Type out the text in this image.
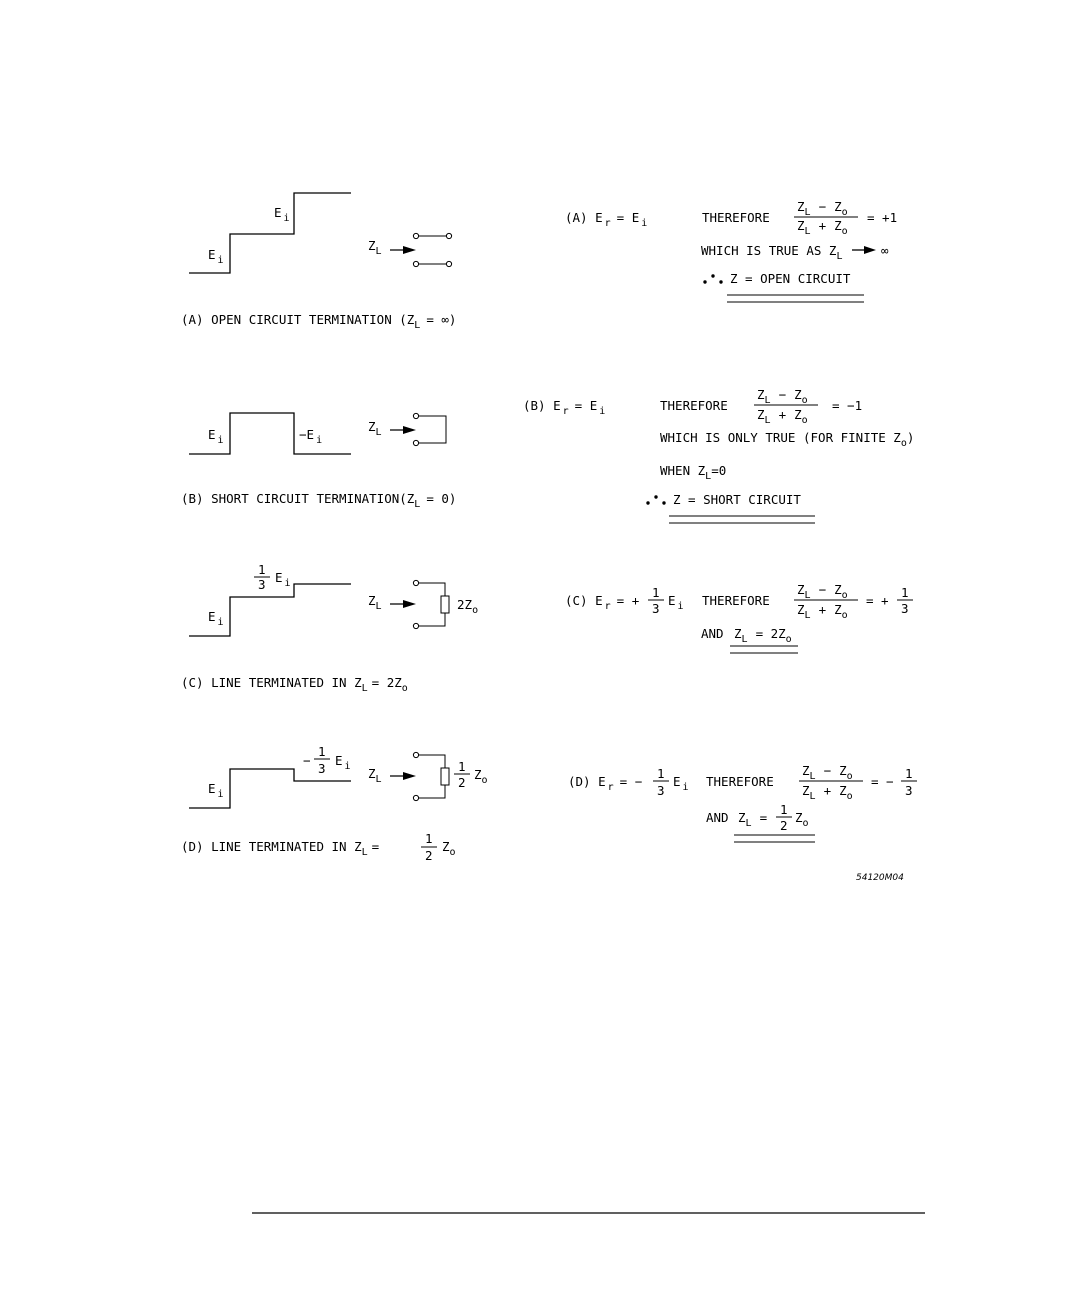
E $_i$
E $_i$
$Z_L$
(A) OPEN CIRCUIT TERMINATION ($Z_L$ = ∞)
(A) E $_r$ = E $_i$	THEREFORE
$Z_L - Z_o$
$Z_L + Z_o$
= +1
WHICH IS TRUE AS $Z_L$	∞
Z = OPEN CIRCUIT
E $_i$	−E $_i$
$Z_L$
(B) SHORT CIRCUIT $TERMINATION(Z_L = 0)$
(B) E $_r$ = E $_i$	THEREFORE
$Z_L - Z_o$
$Z_L + Z_o$
= −1
WHICH IS ONLY TRUE (FOR FINITE $Z_o$)
WHEN $Z_L=0$
Z = SHORT CIRCUIT
E $_i$
1
3 E $_i$
$Z_L$	$2Z_o$
(C) LINE TERMINATED IN $Z_L = 2Z_o$
(C) E $_r$ = +
1
3
E $_i$ THEREFORE
$Z_L - Z_o$
$Z_L + Z_o$
= +
1
3
AND $Z_L = 2Z_o$
E $_i$
−
1
3
E $_i$ $Z_L$
1
2
$Z_o$
(D) LINE TERMINATED IN $Z_L$ =
1
2
$Z_o$
(D) E $_r$ = −
1
3
E $_i$ THEREFORE
$Z_L - Z_o$
$Z_L + Z_o$
= −
1
3
AND $Z_L$ =
1
2
$Z_o$
54120M04
